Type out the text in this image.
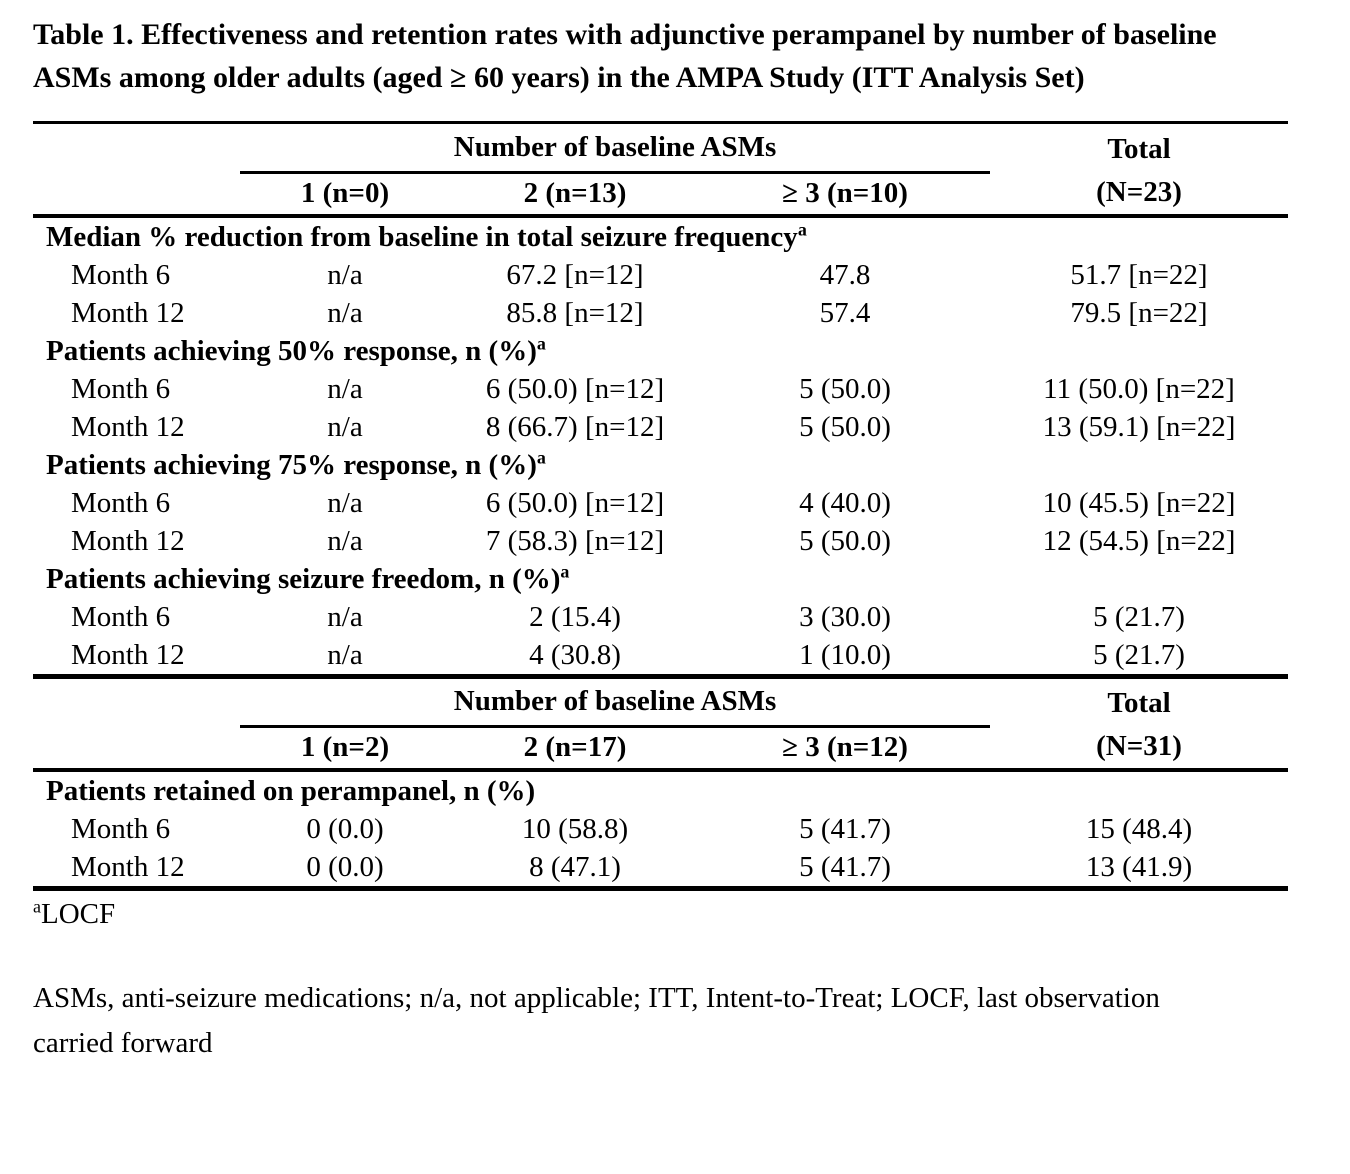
Table 1. Effectiveness and retention rates with adjunctive perampanel by number of baseline ASMs among older adults (aged ≥ 60 years) in the AMPA Study (ITT Analysis Set)
	Number of baseline ASMs			Total
	1 (n=0)	2 (n=13)	≥ 3 (n=10)	(N=23)
Median % reduction from baseline in total seizure frequency$^a$
Month 6	n/a	67.2 [n=12]	47.8	51.7 [n=22]
Month 12	n/a	85.8 [n=12]	57.4	79.5 [n=22]
Patients achieving 50% response, n (%)$^a$
Month 6	n/a	6 (50.0) [n=12]	5 (50.0)	11 (50.0) [n=22]
Month 12	n/a	8 (66.7) [n=12]	5 (50.0)	13 (59.1) [n=22]
Patients achieving 75% response, n (%)$^a$
Month 6	n/a	6 (50.0) [n=12]	4 (40.0)	10 (45.5) [n=22]
Month 12	n/a	7 (58.3) [n=12]	5 (50.0)	12 (54.5) [n=22]
Patients achieving seizure freedom, n (%)$^a$
Month 6	n/a	2 (15.4)	3 (30.0)	5 (21.7)
Month 12	n/a	4 (30.8)	1 (10.0)	5 (21.7)
	Number of baseline ASMs			Total
	1 (n=2)	2 (n=17)	≥ 3 (n=12)	(N=31)
Patients retained on perampanel, n (%)				
Month 6	0 (0.0)	10 (58.8)	5 (41.7)	15 (48.4)
Month 12	0 (0.0)	8 (47.1)	5 (41.7)	13 (41.9)
$^a$LOCF

ASMs, anti-seizure medications; n/a, not applicable; ITT, Intent-to-Treat; LOCF, last observation carried forward
